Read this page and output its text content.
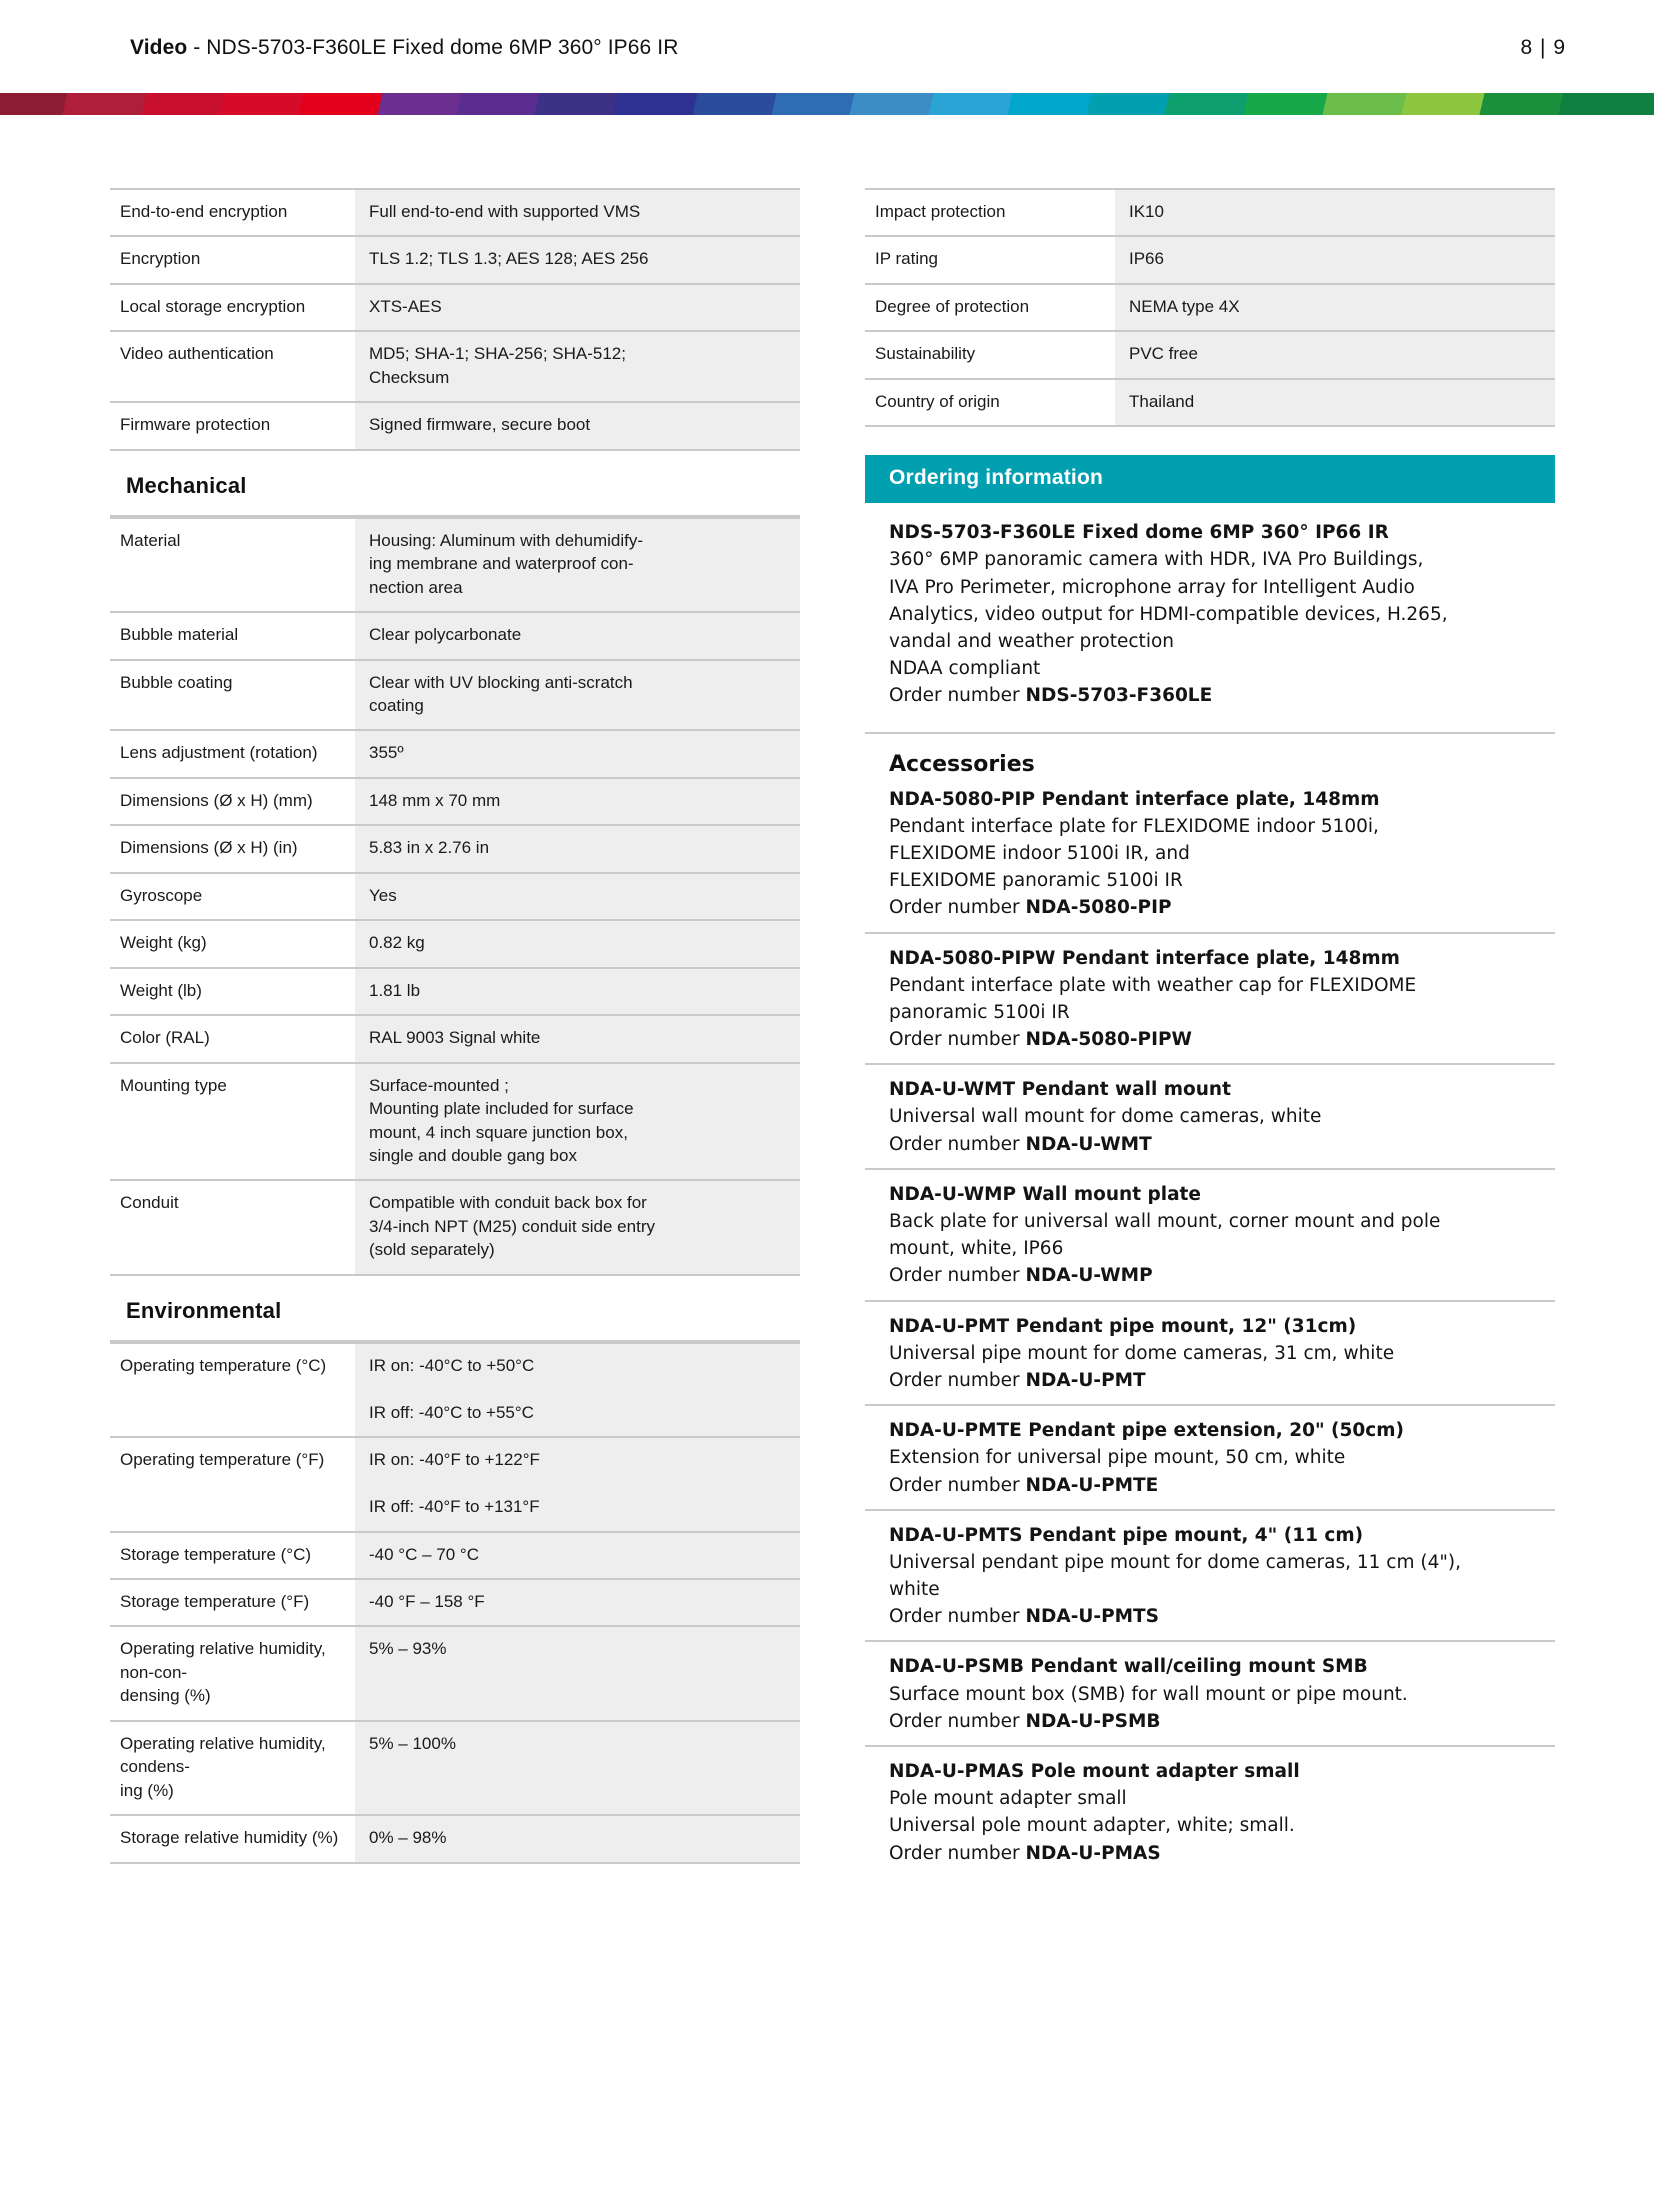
Video - NDS-5703-F360LE Fixed dome 6MP 360° IP66 IR	8 | 9
End-to-end encryption	Full end-to-end with supported VMS
Encryption	TLS 1.2; TLS 1.3; AES 128; AES 256
Local storage encryption	XTS-AES
Video authentication	MD5; SHA-1; SHA-256; SHA-512;
Checksum
Firmware protection	Signed firmware, secure boot
Mechanical
Material	Housing: Aluminum with dehumidify-
ing membrane and waterproof con-
nection area
Bubble material	Clear polycarbonate
Bubble coating	Clear with UV blocking anti-scratch
coating
Lens adjustment (rotation)	355º
Dimensions (Ø x H) (mm)	148 mm x 70 mm
Dimensions (Ø x H) (in)	5.83 in x 2.76 in
Gyroscope	Yes
Weight (kg)	0.82 kg
Weight (lb)	1.81 lb
Color (RAL)	RAL 9003 Signal white
Mounting type	Surface-mounted ;
Mounting plate included for surface
mount, 4 inch square junction box,
single and double gang box
Conduit	Compatible with conduit back box for
3/4-inch NPT (M25) conduit side entry
(sold separately)
Environmental
Operating temperature (°C)	IR on: -40°C to +50°C

IR off: -40°C to +55°C
Operating temperature (°F)	IR on: -40°F to +122°F

IR off: -40°F to +131°F
Storage temperature (°C)	-40 °C – 70 °C
Storage temperature (°F)	-40 °F – 158 °F
Operating relative humidity, non-con-
densing (%)	5% – 93%
Operating relative humidity, condens-
ing (%)	5% – 100%
Storage relative humidity (%)	0% – 98%
Impact protection	IK10
IP rating	IP66
Degree of protection	NEMA type 4X
Sustainability	PVC free
Country of origin	Thailand
Ordering information
NDS-5703-F360LE Fixed dome 6MP 360° IP66 IR
360° 6MP panoramic camera with HDR, IVA Pro Buildings,
IVA Pro Perimeter, microphone array for Intelligent Audio
Analytics, video output for HDMI-compatible devices, H.265,
vandal and weather protection
NDAA compliant
Order number NDS-5703-F360LE
Accessories
NDA-5080-PIP Pendant interface plate, 148mm
Pendant interface plate for FLEXIDOME indoor 5100i,
FLEXIDOME indoor 5100i IR, and
FLEXIDOME panoramic 5100i IR
Order number NDA-5080-PIP
NDA-5080-PIPW Pendant interface plate, 148mm
Pendant interface plate with weather cap for FLEXIDOME
panoramic 5100i IR
Order number NDA-5080-PIPW
NDA-U-WMT Pendant wall mount
Universal wall mount for dome cameras, white
Order number NDA-U-WMT
NDA-U-WMP Wall mount plate
Back plate for universal wall mount, corner mount and pole
mount, white, IP66
Order number NDA-U-WMP
NDA-U-PMT Pendant pipe mount, 12" (31cm)
Universal pipe mount for dome cameras, 31 cm, white
Order number NDA-U-PMT
NDA-U-PMTE Pendant pipe extension, 20" (50cm)
Extension for universal pipe mount, 50 cm, white
Order number NDA-U-PMTE
NDA-U-PMTS Pendant pipe mount, 4" (11 cm)
Universal pendant pipe mount for dome cameras, 11 cm (4"),
white
Order number NDA-U-PMTS
NDA-U-PSMB Pendant wall/ceiling mount SMB
Surface mount box (SMB) for wall mount or pipe mount.
Order number NDA-U-PSMB
NDA-U-PMAS Pole mount adapter small
Pole mount adapter small
Universal pole mount adapter, white; small.
Order number NDA-U-PMAS
